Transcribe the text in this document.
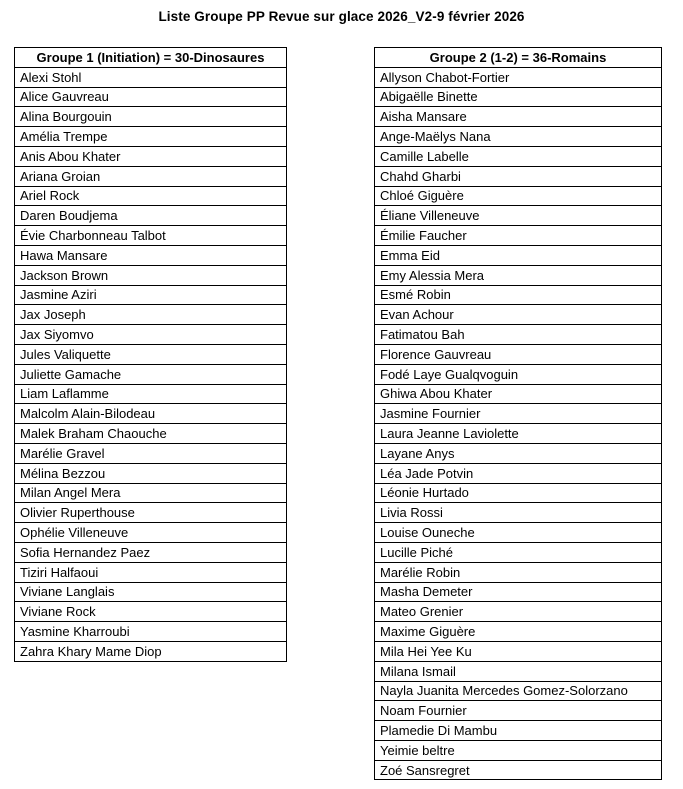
Liste Groupe PP Revue sur glace 2026_V2-9 février 2026
Groupe 1 (Initiation) = 30-Dinosaures
Alexi Stohl
Alice Gauvreau
Alina Bourgouin
Amélia Trempe
Anis Abou Khater
Ariana Groian
Ariel Rock
Daren Boudjema
Évie Charbonneau Talbot
Hawa Mansare
Jackson Brown
Jasmine Aziri
Jax Joseph
Jax Siyomvo
Jules Valiquette
Juliette Gamache
Liam Laflamme
Malcolm Alain-Bilodeau
Malek Braham Chaouche
Marélie Gravel
Mélina Bezzou
Milan Angel Mera
Olivier Ruperthouse
Ophélie Villeneuve
Sofia Hernandez Paez
Tiziri Halfaoui
Viviane Langlais
Viviane Rock
Yasmine Kharroubi
Zahra Khary Mame Diop
Groupe 2 (1-2) = 36-Romains
Allyson Chabot-Fortier
Abigaëlle Binette
Aisha Mansare
Ange-Maëlys Nana
Camille Labelle
Chahd Gharbi
Chloé Giguère
Éliane Villeneuve
Émilie Faucher
Emma Eid
Emy Alessia Mera
Esmé Robin
Evan Achour
Fatimatou Bah
Florence Gauvreau
Fodé Laye Gualqvoguin
Ghiwa Abou Khater
Jasmine Fournier
Laura Jeanne Laviolette
Layane Anys
Léa Jade Potvin
Léonie Hurtado
Livia Rossi
Louise Ouneche
Lucille Piché
Marélie Robin
Masha Demeter
Mateo Grenier
Maxime Giguère
Mila Hei Yee Ku
Milana Ismail
Nayla Juanita Mercedes Gomez-Solorzano
Noam Fournier
Plamedie Di Mambu
Yeimie beltre
Zoé Sansregret
